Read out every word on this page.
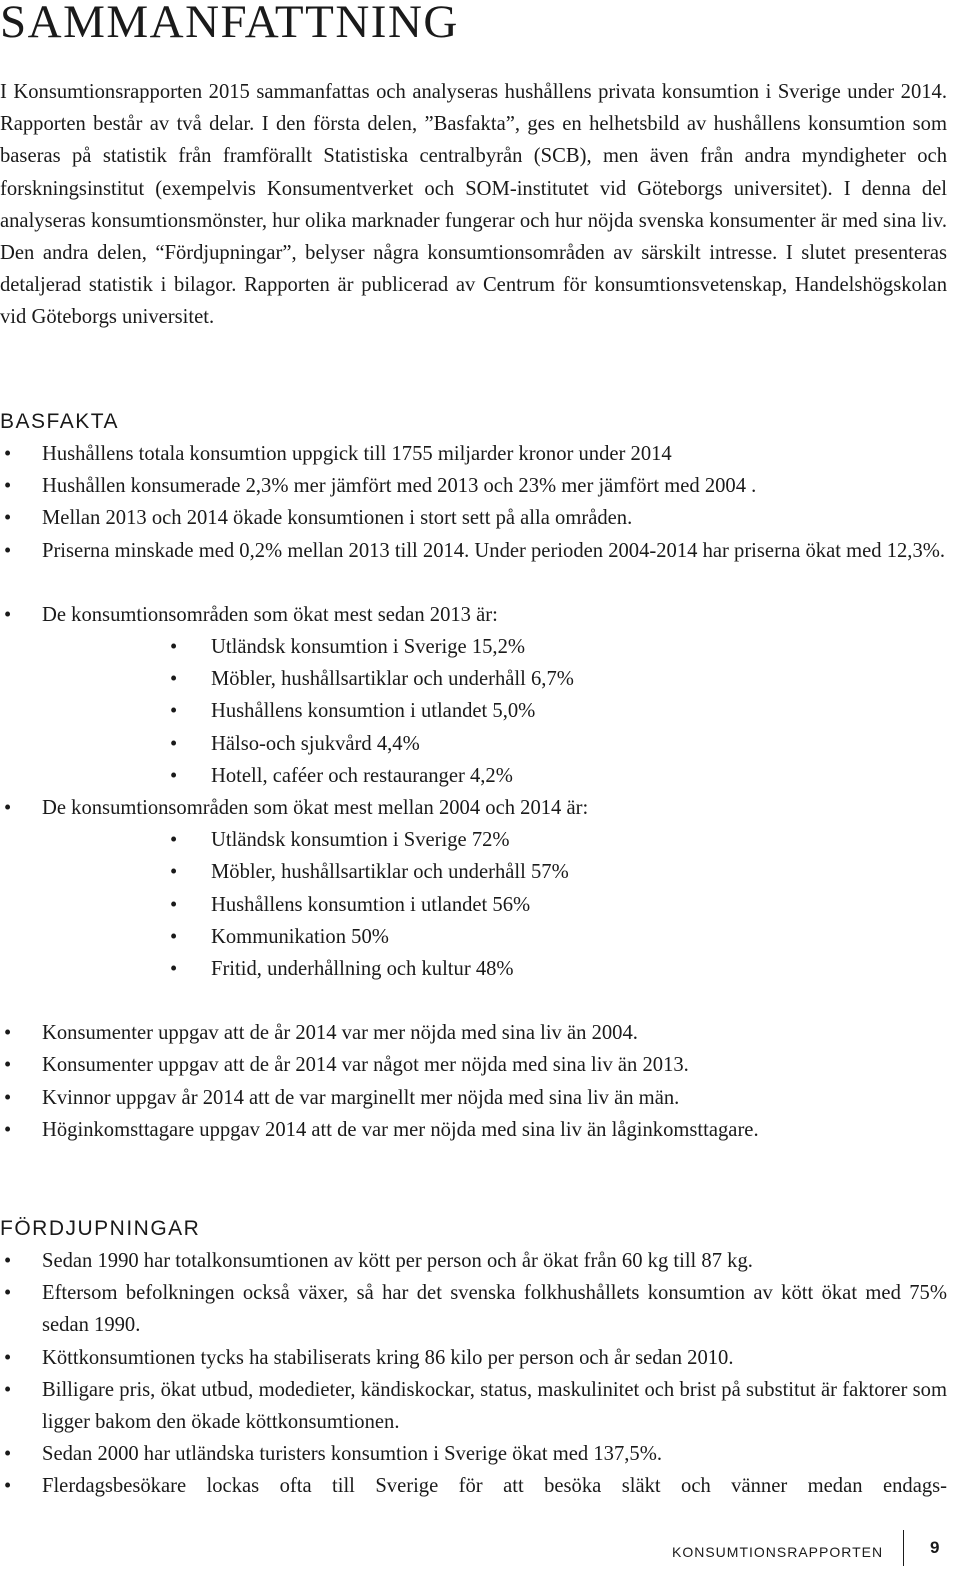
SAMMANFATTNING

I Konsumtionsrapporten 2015 sammanfattas och analyseras hushållens privata konsumtion i Sverige under 2014. Rapporten består av två delar. I den första delen, ”Basfakta”, ges en helhetsbild av hushållens konsumtion som baseras på statistik från framförallt Statistiska centralbyrån (SCB), men även från andra myndigheter och forskningsinstitut (exempelvis Konsumentverket och SOM-institutet vid Göteborgs universitet). I denna del analyseras konsumtionsmönster, hur olika marknader fungerar och hur nöjda svenska konsumenter är med sina liv. Den andra delen, “Fördjupningar”, belyser några konsumtionsområden av särskilt intresse. I slutet presenteras detaljerad statistik i bilagor. Rapporten är publicerad av Centrum för konsumtionsvetenskap, Handelshögskolan vid Göteborgs universitet.

BASFAKTA
• Hushållens totala konsumtion uppgick till 1755 miljarder kronor under 2014
• Hushållen konsumerade 2,3% mer jämfört med 2013 och 23% mer jämfört med 2004 .
• Mellan 2013 och 2014 ökade konsumtionen i stort sett på alla områden.
• Priserna minskade med 0,2% mellan 2013 till 2014. Under perioden 2004-2014 har priserna ökat med 12,3%.
• De konsumtionsområden som ökat mest sedan 2013 är:
• Utländsk konsumtion i Sverige 15,2%
• Möbler, hushållsartiklar och underhåll 6,7%
• Hushållens konsumtion i utlandet 5,0%
• Hälso-och sjukvård 4,4%
• Hotell, caféer och restauranger 4,2%
• De konsumtionsområden som ökat mest mellan 2004 och 2014 är:
• Utländsk konsumtion i Sverige 72%
• Möbler, hushållsartiklar och underhåll 57%
• Hushållens konsumtion i utlandet 56%
• Kommunikation 50%
• Fritid, underhållning och kultur 48%
• Konsumenter uppgav att de år 2014 var mer nöjda med sina liv än 2004.
• Konsumenter uppgav att de år 2014 var något mer nöjda med sina liv än 2013.
• Kvinnor uppgav år 2014 att de var marginellt mer nöjda med sina liv än män.
• Höginkomsttagare uppgav 2014 att de var mer nöjda med sina liv än låginkomsttagare.
FÖRDJUPNINGAR
• Sedan 1990 har totalkonsumtionen av kött per person och år ökat från 60 kg till 87 kg.
• Eftersom befolkningen också växer, så har det svenska folkhushållets konsumtion av kött ökat med 75% sedan 1990.
• Köttkonsumtionen tycks ha stabiliserats kring 86 kilo per person och år sedan 2010.
• Billigare pris, ökat utbud, modedieter, kändiskockar, status, maskulinitet och brist på substitut är faktorer som ligger bakom den ökade köttkonsumtionen.
• Sedan 2000 har utländska turisters konsumtion i Sverige ökat med 137,5%.
• Flerdagsbesökare lockas ofta till Sverige för att besöka släkt och vänner medan endags-
KONSUMTIONSRAPPORTEN	9
